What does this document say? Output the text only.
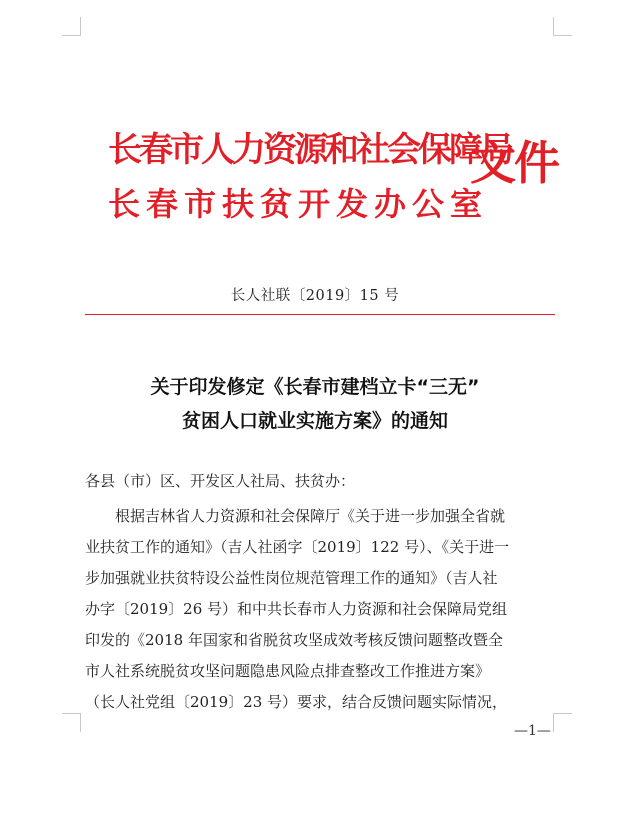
长春市人力资源和社会保障局
长春市扶贫开发办公室
文件
长人社联〔2019〕15 号
关于印发修定《长春市建档立卡“三无”
贫困人口就业实施方案》的通知
各县（市）区、开发区人社局、扶贫办：
根据吉林省人力资源和社会保障厅《关于进一步加强全省就
业扶贫工作的通知》（吉人社函字〔2019〕122 号）、《关于进一
步加强就业扶贫特设公益性岗位规范管理工作的通知》（吉人社
办字〔2019〕26 号）和中共长春市人力资源和社会保障局党组
印发的《2018 年国家和省脱贫攻坚成效考核反馈问题整改暨全
市人社系统脱贫攻坚问题隐患风险点排查整改工作推进方案》
（长人社党组〔2019〕23 号）要求，结合反馈问题实际情况，
—1—
